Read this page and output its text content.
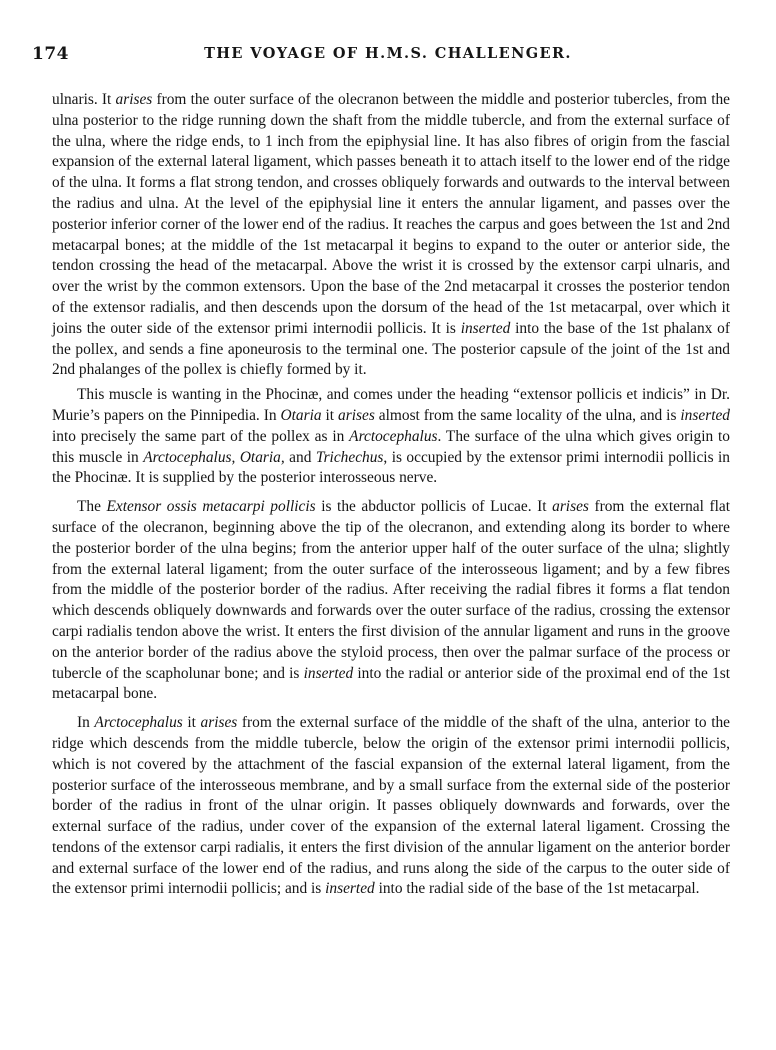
174	THE VOYAGE OF H.M.S. CHALLENGER.

ulnaris. It arises from the outer surface of the olecranon between the middle and posterior tubercles, from the ulna posterior to the ridge running down the shaft from the middle tubercle, and from the external surface of the ulna, where the ridge ends, to 1 inch from the epiphysial line. It has also fibres of origin from the fascial expansion of the external lateral ligament, which passes beneath it to attach itself to the lower end of the ridge of the ulna. It forms a flat strong tendon, and crosses obliquely forwards and outwards to the interval between the radius and ulna. At the level of the epiphysial line it enters the annular ligament, and passes over the posterior inferior corner of the lower end of the radius. It reaches the carpus and goes between the 1st and 2nd metacarpal bones; at the middle of the 1st metacarpal it begins to expand to the outer or anterior side, the tendon crossing the head of the metacarpal. Above the wrist it is crossed by the extensor carpi ulnaris, and over the wrist by the common extensors. Upon the base of the 2nd metacarpal it crosses the posterior tendon of the extensor radialis, and then descends upon the dorsum of the head of the 1st metacarpal, over which it joins the outer side of the extensor primi internodii pollicis. It is inserted into the base of the 1st phalanx of the pollex, and sends a fine aponeurosis to the terminal one. The posterior capsule of the joint of the 1st and 2nd phalanges of the pollex is chiefly formed by it.

This muscle is wanting in the Phocinæ, and comes under the heading “extensor pollicis et indicis” in Dr. Murie’s papers on the Pinnipedia. In Otaria it arises almost from the same locality of the ulna, and is inserted into precisely the same part of the pollex as in Arctocephalus. The surface of the ulna which gives origin to this muscle in Arctocephalus, Otaria, and Trichechus, is occupied by the extensor primi internodii pollicis in the Phocinæ. It is supplied by the posterior interosseous nerve.

The Extensor ossis metacarpi pollicis is the abductor pollicis of Lucae. It arises from the external flat surface of the olecranon, beginning above the tip of the olecranon, and extending along its border to where the posterior border of the ulna begins; from the anterior upper half of the outer surface of the ulna; slightly from the external lateral ligament; from the outer surface of the interosseous ligament; and by a few fibres from the middle of the posterior border of the radius. After receiving the radial fibres it forms a flat tendon which descends obliquely downwards and forwards over the outer surface of the radius, crossing the extensor carpi radialis tendon above the wrist. It enters the first division of the annular ligament and runs in the groove on the anterior border of the radius above the styloid process, then over the palmar surface of the process or tubercle of the scapholunar bone; and is inserted into the radial or anterior side of the proximal end of the 1st metacarpal bone.

In Arctocephalus it arises from the external surface of the middle of the shaft of the ulna, anterior to the ridge which descends from the middle tubercle, below the origin of the extensor primi internodii pollicis, which is not covered by the attachment of the fascial expansion of the external lateral ligament, from the posterior surface of the interosseous membrane, and by a small surface from the external side of the posterior border of the radius in front of the ulnar origin. It passes obliquely downwards and forwards, over the external surface of the radius, under cover of the expansion of the external lateral ligament. Crossing the tendons of the extensor carpi radialis, it enters the first division of the annular ligament on the anterior border and external surface of the lower end of the radius, and runs along the side of the carpus to the outer side of the extensor primi internodii pollicis; and is inserted into the radial side of the base of the 1st metacarpal.
